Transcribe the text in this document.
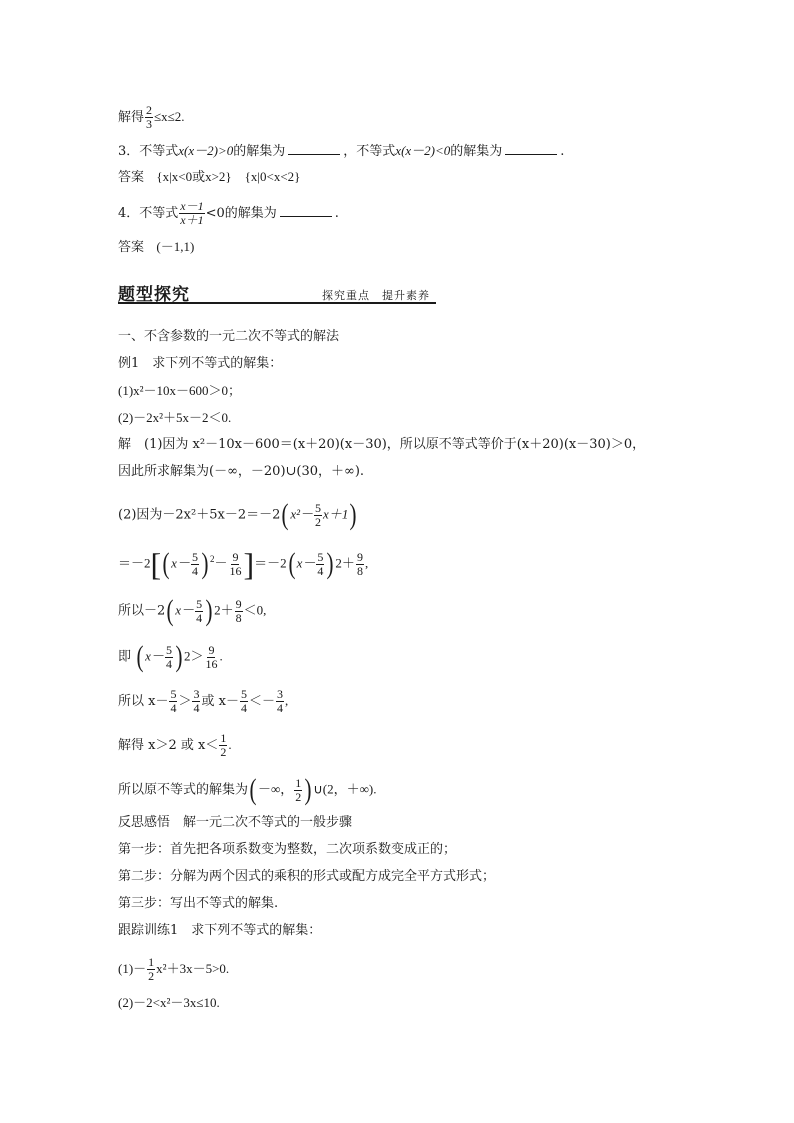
解得 $\frac{2}{3} \le x\le 2$.
3．不等式x(x－2)>0的解集为	，不等式x(x－2)<0的解集为	.
答案 {x|x<0或x>2}　{x|0<x<2}
4．不等式 $\frac{x-1}{x+1} <0$的解集为	.
答案 (－1,1)
题型探究	探究重点　提升素养
一、不含参数的一元二次不等式的解法
例1　求下列不等式的解集：
(1)x²－10x－600＞0；
(2)－2x²＋5x－2＜0.
解　(1)因为 x²－10x－600＝(x＋20)(x－30)，所以原不等式等价于(x＋20)(x－30)＞0，
因此所求解集为(－∞，－20)∪(30，＋∞).
(2)因为－2x²＋5x－2＝－2( $x^2- \frac{5}{2} x+1$)
＝－2[( $x- \frac{5}{4}$ ) $^2- \frac{9}{16} ]=-2$( $x- \frac{5}{4}$ ) $2+ \frac{9}{8}$ ,
所以－2( $x- \frac{5}{4}$ ) $2+ \frac{9}{8} <0$,
即 ( $x- \frac{5}{4}$ ) $2> \frac{9}{16}$ .
所以 $x- \frac{5}{4} > \frac{3}{4}$ 或 $x- \frac{5}{4} <- \frac{3}{4}$ ,
解得 x＞2 或 $x< \frac{1}{2}$ .
所以原不等式的解集为( －∞， $\frac{1}{2}$ ) ∪(2，＋∞).
反思感悟　解一元二次不等式的一般步骤
第一步：首先把各项系数变为整数，二次项系数变成正的；
第二步：分解为两个因式的乘积的形式或配方成完全平方式形式；
第三步：写出不等式的解集.
跟踪训练1　求下列不等式的解集：
$(1)- \frac{1}{2} x^2+3x-5>0$.
(2)－2<x²－3x≤10.
